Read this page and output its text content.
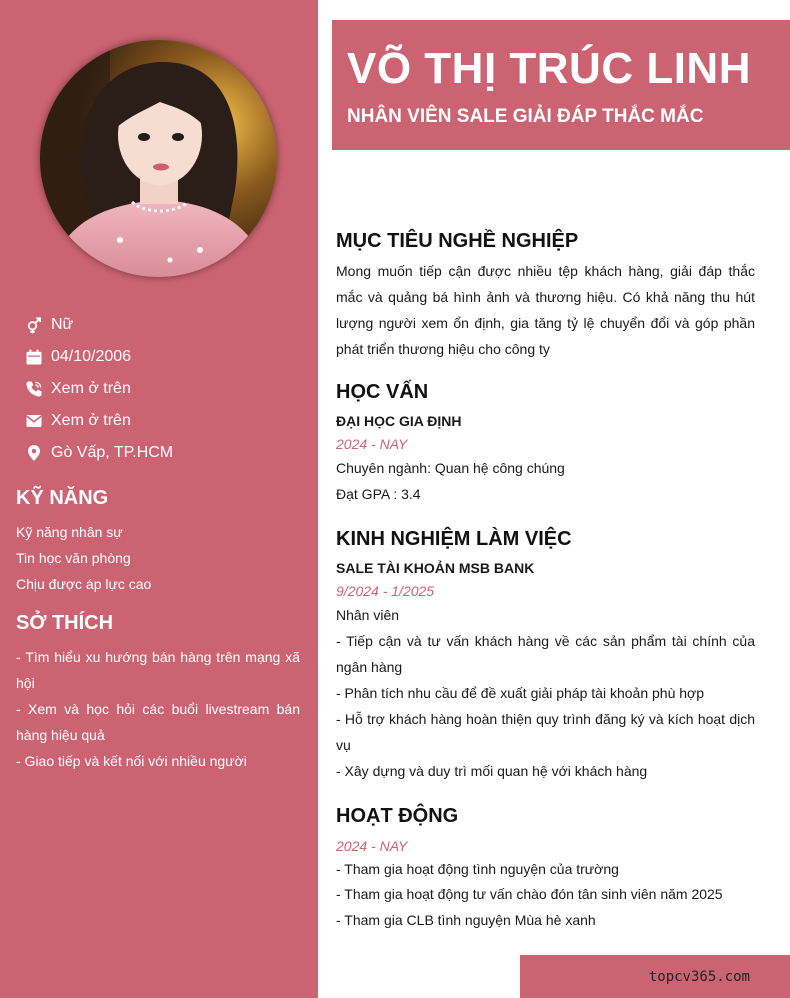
Nữ
04/10/2006
Xem ở trên
Xem ở trên
Gò Vấp, TP.HCM
KỸ NĂNG
Kỹ năng nhân sự
Tin học văn phòng
Chịu được áp lực cao
SỞ THÍCH
- Tìm hiểu xu hướng bán hàng trên mạng xã hội
- Xem và học hỏi các buổi livestream bán hàng hiệu quả
- Giao tiếp và kết nối với nhiều người
VÕ THỊ TRÚC LINH
NHÂN VIÊN SALE GIẢI ĐÁP THẮC MẮC
MỤC TIÊU NGHỀ NGHIỆP
Mong muốn tiếp cận được nhiều tệp khách hàng, giải đáp thắc mắc và quảng bá hình ảnh và thương hiệu. Có khả năng thu hút lượng người xem ổn định, gia tăng tỷ lệ chuyển đổi và góp phần phát triển thương hiệu cho công ty
HỌC VẤN
ĐẠI HỌC GIA ĐỊNH
2024 - NAY
Chuyên ngành: Quan hệ công chúng
Đạt GPA : 3.4
KINH NGHIỆM LÀM VIỆC
SALE TÀI KHOẢN MSB BANK
9/2024 - 1/2025
Nhân viên
- Tiếp cận và tư vấn khách hàng về các sản phẩm tài chính của ngân hàng
- Phân tích nhu cầu để đề xuất giải pháp tài khoản phù hợp
- Hỗ trợ khách hàng hoàn thiện quy trình đăng ký và kích hoạt dịch vụ
- Xây dựng và duy trì mối quan hệ với khách hàng
HOẠT ĐỘNG
2024 - NAY
- Tham gia hoạt động tình nguyện của trường
- Tham gia hoạt động tư vấn chào đón tân sinh viên năm 2025
- Tham gia CLB tình nguyện Mùa hè xanh
topcv365.com
